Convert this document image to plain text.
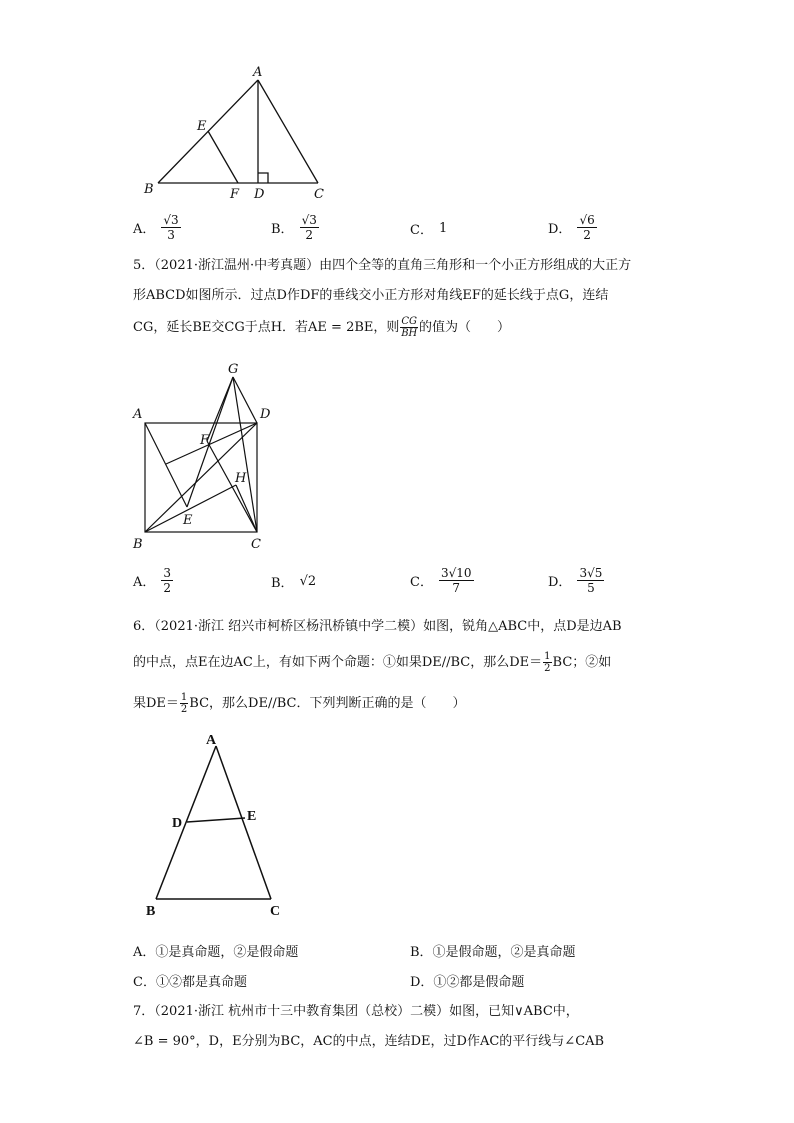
A
B	C
D
E
F
A． $\frac{√3}{3}$	B． $\frac{√3}{2}$	C． 1	D． $\frac{√6}{2}$
5．（2021·浙江温州·中考真题）由四个全等的直角三角形和一个小正方形组成的大正方
形ABCD如图所示．过点D作DF的垂线交小正方形对角线EF的延长线于点G，连结
CG，延长BE交CG于点H．若AE = 2BE，则 $\frac{CG}{BH}$ 的值为（　　）
G
A	D
F
H
E
B	C
A． $\frac{3}{2}$	B． √2	C． $\frac{3√10}{7}$	D． $\frac{3√5}{5}$
6．（2021·浙江 绍兴市柯桥区杨汛桥镇中学二模）如图，锐角△ABC中，点D是边AB
的中点，点E在边AC上，有如下两个命题：①如果DE//BC，那么$DE= \frac{1}{2}$ BC；②如
果$DE= \frac{1}{2}$ BC，那么DE//BC．下列判断正确的是（　　）
A
D	E
B	C
A．①是真命题，②是假命题	B．①是假命题，②是真命题
C．①②都是真命题	D．①②都是假命题
7．（2021·浙江 杭州市十三中教育集团（总校）二模）如图，已知∨ABC中，
∠B = 90°，D，E分别为BC，AC的中点，连结DE，过D作AC的平行线与∠CAB
